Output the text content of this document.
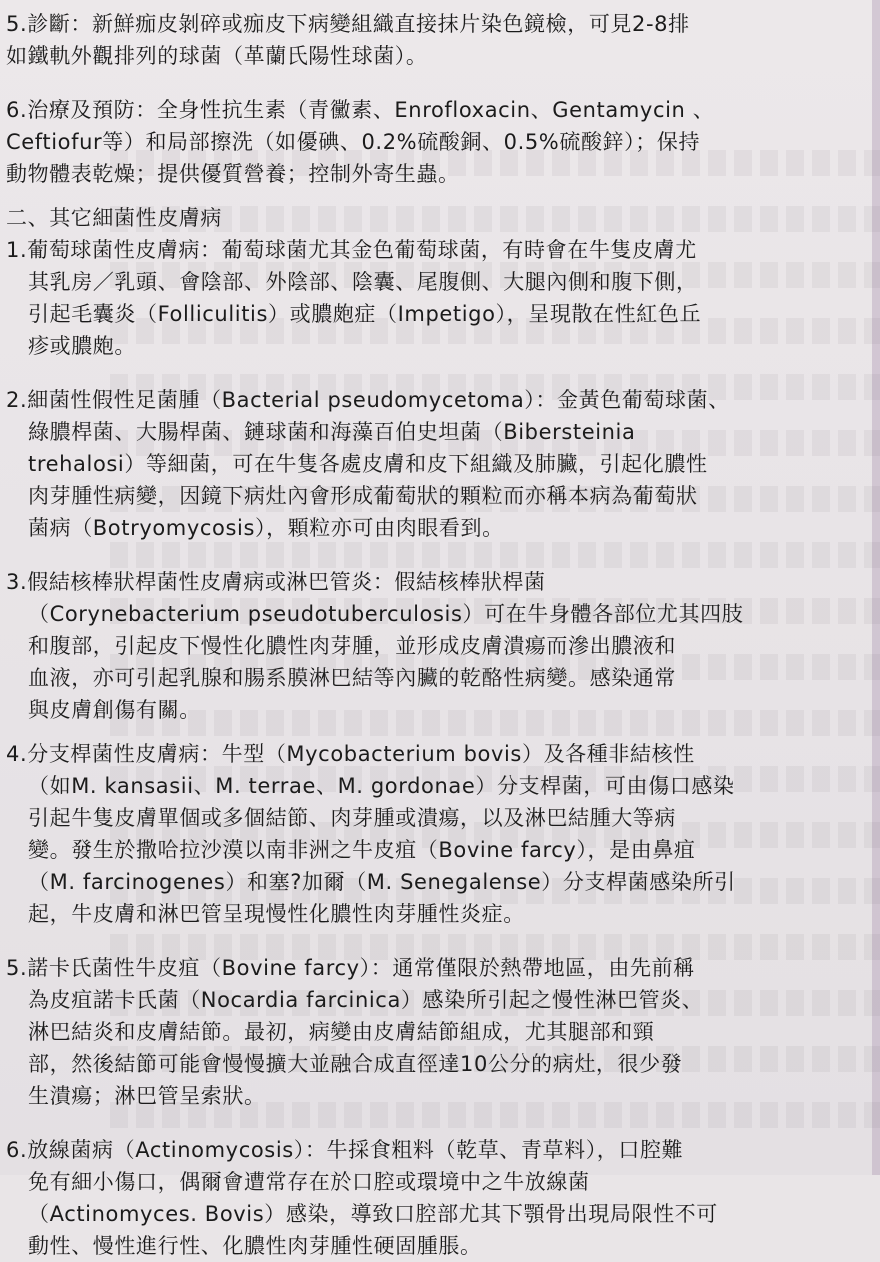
5.診斷：新鮮痂皮剝碎或痂皮下病變組織直接抹片染色鏡檢，可見2-8排
如鐵軌外觀排列的球菌（革蘭氏陽性球菌）。
6.治療及預防：全身性抗生素（青黴素、Enrofloxacin、Gentamycin 、
Ceftiofur等）和局部擦洗（如優碘、0.2%硫酸銅、0.5%硫酸鋅）；保持
動物體表乾燥；提供優質營養；控制外寄生蟲。
二、其它細菌性皮膚病
1.葡萄球菌性皮膚病：葡萄球菌尤其金色葡萄球菌，有時會在牛隻皮膚尤
其乳房／乳頭、會陰部、外陰部、陰囊、尾腹側、大腿內側和腹下側，
引起毛囊炎（Folliculitis）或膿皰症（Impetigo），呈現散在性紅色丘
疹或膿皰。
2.細菌性假性足菌腫（Bacterial pseudomycetoma）：金黃色葡萄球菌、
綠膿桿菌、大腸桿菌、鏈球菌和海藻百伯史坦菌（Bibersteinia
trehalosi）等細菌，可在牛隻各處皮膚和皮下組織及肺臟，引起化膿性
肉芽腫性病變，因鏡下病灶內會形成葡萄狀的顆粒而亦稱本病為葡萄狀
菌病（Botryomycosis），顆粒亦可由肉眼看到。
3.假結核棒狀桿菌性皮膚病或淋巴管炎：假結核棒狀桿菌
（Corynebacterium pseudotuberculosis）可在牛身體各部位尤其四肢
和腹部，引起皮下慢性化膿性肉芽腫，並形成皮膚潰瘍而滲出膿液和
血液，亦可引起乳腺和腸系膜淋巴結等內臟的乾酪性病變。感染通常
與皮膚創傷有關。
4.分支桿菌性皮膚病：牛型（Mycobacterium bovis）及各種非結核性
（如M. kansasii、M. terrae、M. gordonae）分支桿菌，可由傷口感染
引起牛隻皮膚單個或多個結節、肉芽腫或潰瘍，以及淋巴結腫大等病
變。發生於撒哈拉沙漠以南非洲之牛皮疽（Bovine farcy），是由鼻疽
（M. farcinogenes）和塞?加爾（M. Senegalense）分支桿菌感染所引
起，牛皮膚和淋巴管呈現慢性化膿性肉芽腫性炎症。
5.諾卡氏菌性牛皮疽（Bovine farcy）：通常僅限於熱帶地區，由先前稱
為皮疽諾卡氏菌（Nocardia farcinica）感染所引起之慢性淋巴管炎、
淋巴結炎和皮膚結節。最初，病變由皮膚結節組成，尤其腿部和頸
部，然後結節可能會慢慢擴大並融合成直徑達10公分的病灶，很少發
生潰瘍；淋巴管呈索狀。
6.放線菌病（Actinomycosis）：牛採食粗料（乾草、青草料），口腔難
免有細小傷口，偶爾會遭常存在於口腔或環境中之牛放線菌
（Actinomyces. Bovis）感染，導致口腔部尤其下顎骨出現局限性不可
動性、慢性進行性、化膿性肉芽腫性硬固腫脹。
